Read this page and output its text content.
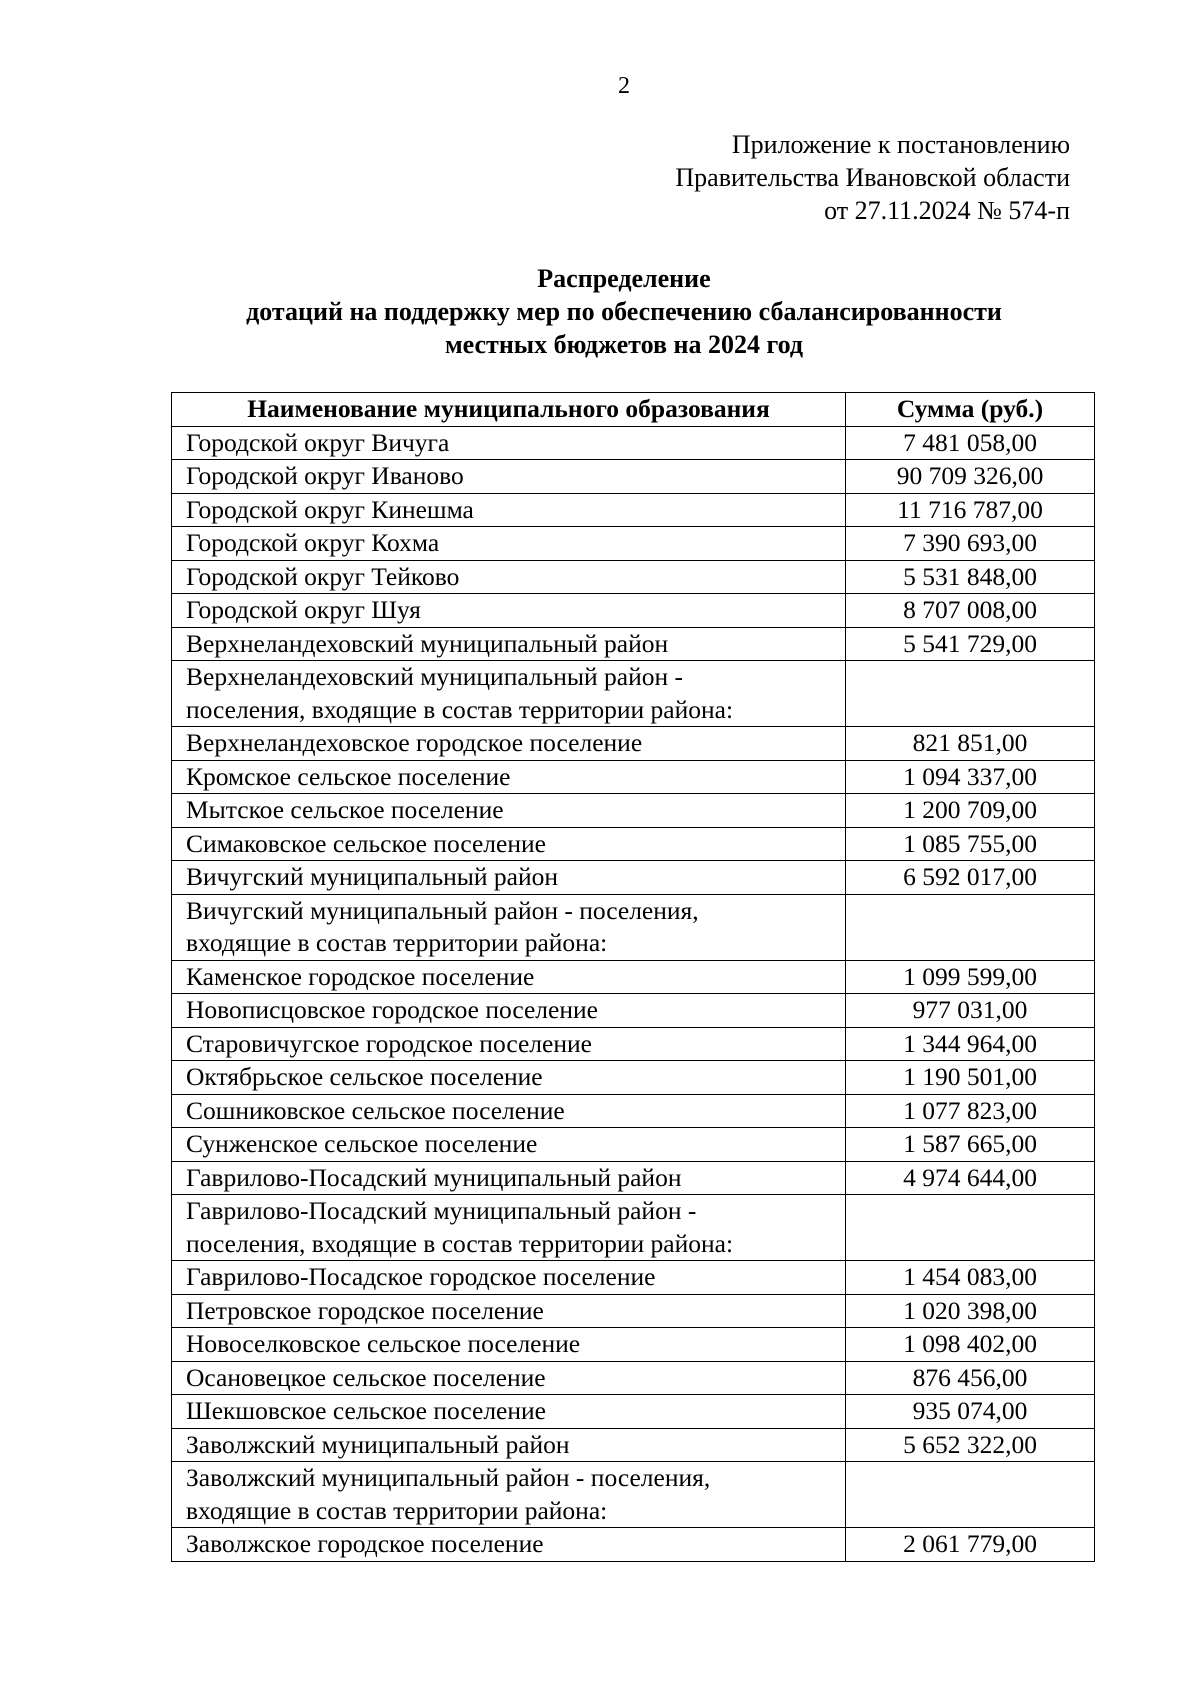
2
Приложение к постановлению
Правительства Ивановской области
от 27.11.2024 № 574-п
Распределение
дотаций на поддержку мер по обеспечению сбалансированности
местных бюджетов на 2024 год
Наименование муниципального образования	Сумма (руб.)
Городской округ Вичуга	7 481 058,00
Городской округ Иваново	90 709 326,00
Городской округ Кинешма	11 716 787,00
Городской округ Кохма	7 390 693,00
Городской округ Тейково	5 531 848,00
Городской округ Шуя	8 707 008,00
Верхнеландеховский муниципальный район	5 541 729,00
Верхнеландеховский муниципальный район -
поселения, входящие в состав территории района:	
Верхнеландеховское городское поселение	821 851,00
Кромское сельское поселение	1 094 337,00
Мытское сельское поселение	1 200 709,00
Симаковское сельское поселение	1 085 755,00
Вичугский муниципальный район	6 592 017,00
Вичугский муниципальный район - поселения,
входящие в состав территории района:	
Каменское городское поселение	1 099 599,00
Новописцовское городское поселение	977 031,00
Старовичугское городское поселение	1 344 964,00
Октябрьское сельское поселение	1 190 501,00
Сошниковское сельское поселение	1 077 823,00
Сунженское сельское поселение	1 587 665,00
Гаврилово-Посадский муниципальный район	4 974 644,00
Гаврилово-Посадский муниципальный район -
поселения, входящие в состав территории района:	
Гаврилово-Посадское городское поселение	1 454 083,00
Петровское городское поселение	1 020 398,00
Новоселковское сельское поселение	1 098 402,00
Осановецкое сельское поселение	876 456,00
Шекшовское сельское поселение	935 074,00
Заволжский муниципальный район	5 652 322,00
Заволжский муниципальный район - поселения,
входящие в состав территории района:	
Заволжское городское поселение	2 061 779,00
